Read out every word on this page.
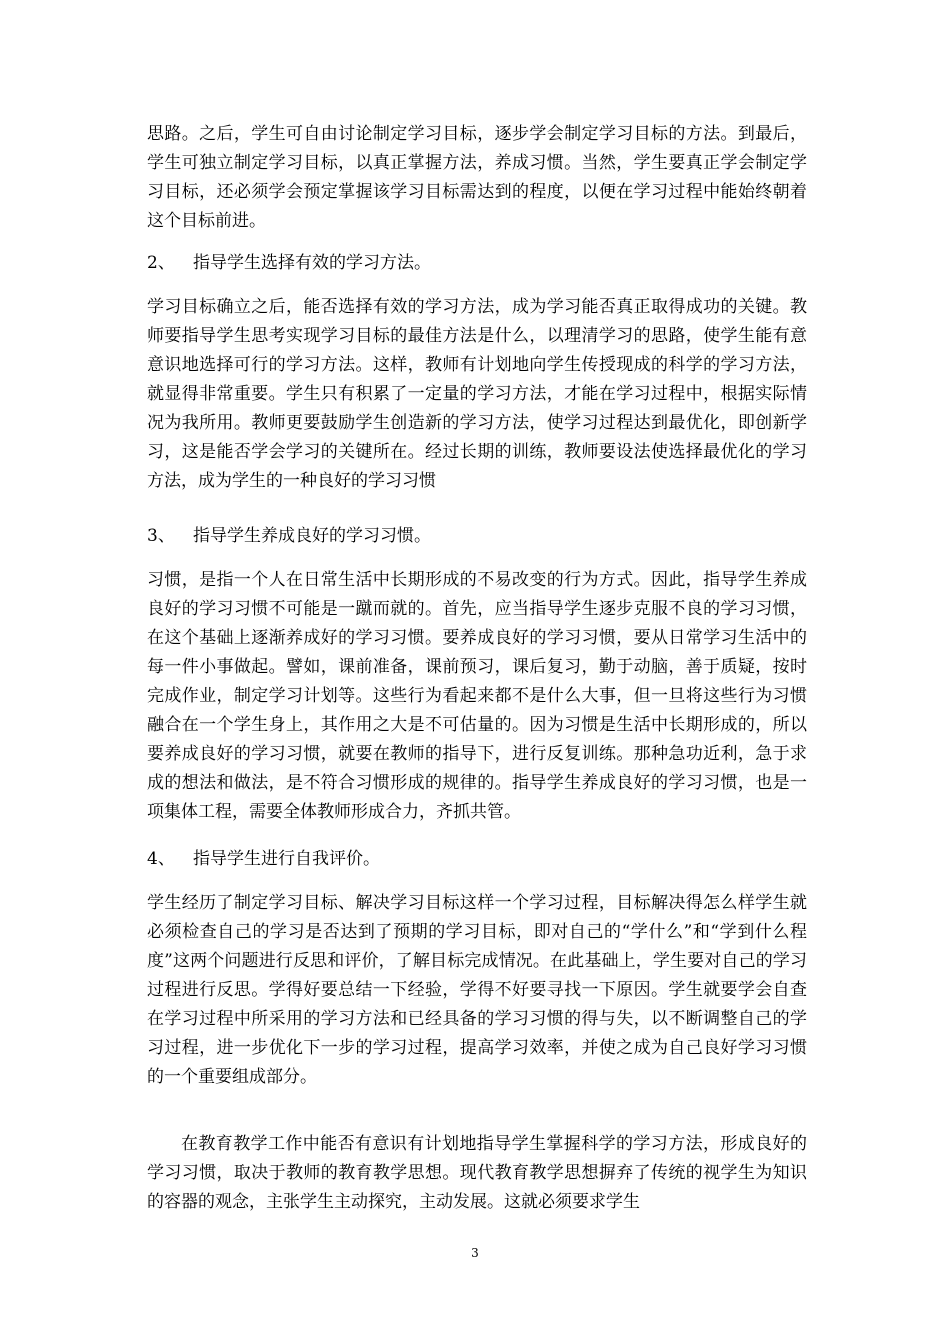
思路。之后，学生可自由讨论制定学习目标，逐步学会制定学习目标的方法。到最后，学生可独立制定学习目标，以真正掌握方法，养成习惯。当然，学生要真正学会制定学习目标，还必须学会预定掌握该学习目标需达到的程度，以便在学习过程中能始终朝着这个目标前进。

2、 指导学生选择有效的学习方法。

学习目标确立之后，能否选择有效的学习方法，成为学习能否真正取得成功的关键。教师要指导学生思考实现学习目标的最佳方法是什么，以理清学习的思路，使学生能有意意识地选择可行的学习方法。这样，教师有计划地向学生传授现成的科学的学习方法，就显得非常重要。学生只有积累了一定量的学习方法，才能在学习过程中，根据实际情况为我所用。教师更要鼓励学生创造新的学习方法，使学习过程达到最优化，即创新学习，这是能否学会学习的关键所在。经过长期的训练，教师要设法使选择最优化的学习方法，成为学生的一种良好的学习习惯

3、 指导学生养成良好的学习习惯。

习惯，是指一个人在日常生活中长期形成的不易改变的行为方式。因此，指导学生养成良好的学习习惯不可能是一蹴而就的。首先，应当指导学生逐步克服不良的学习习惯，在这个基础上逐渐养成好的学习习惯。要养成良好的学习习惯，要从日常学习生活中的每一件小事做起。譬如，课前准备，课前预习，课后复习，勤于动脑，善于质疑，按时完成作业，制定学习计划等。这些行为看起来都不是什么大事，但一旦将这些行为习惯融合在一个学生身上，其作用之大是不可估量的。因为习惯是生活中长期形成的，所以要养成良好的学习习惯，就要在教师的指导下，进行反复训练。那种急功近利，急于求成的想法和做法，是不符合习惯形成的规律的。指导学生养成良好的学习习惯，也是一项集体工程，需要全体教师形成合力，齐抓共管。

4、 指导学生进行自我评价。

学生经历了制定学习目标、解决学习目标这样一个学习过程，目标解决得怎么样学生就必须检查自己的学习是否达到了预期的学习目标，即对自己的“学什么”和“学到什么程度”这两个问题进行反思和评价，了解目标完成情况。在此基础上，学生要对自己的学习过程进行反思。学得好要总结一下经验，学得不好要寻找一下原因。学生就要学会自查在学习过程中所采用的学习方法和已经具备的学习习惯的得与失，以不断调整自己的学习过程，进一步优化下一步的学习过程，提高学习效率，并使之成为自己良好学习习惯的一个重要组成部分。

在教育教学工作中能否有意识有计划地指导学生掌握科学的学习方法，形成良好的学习习惯，取决于教师的教育教学思想。现代教育教学思想摒弃了传统的视学生为知识的容器的观念，主张学生主动探究，主动发展。这就必须要求学生

3
